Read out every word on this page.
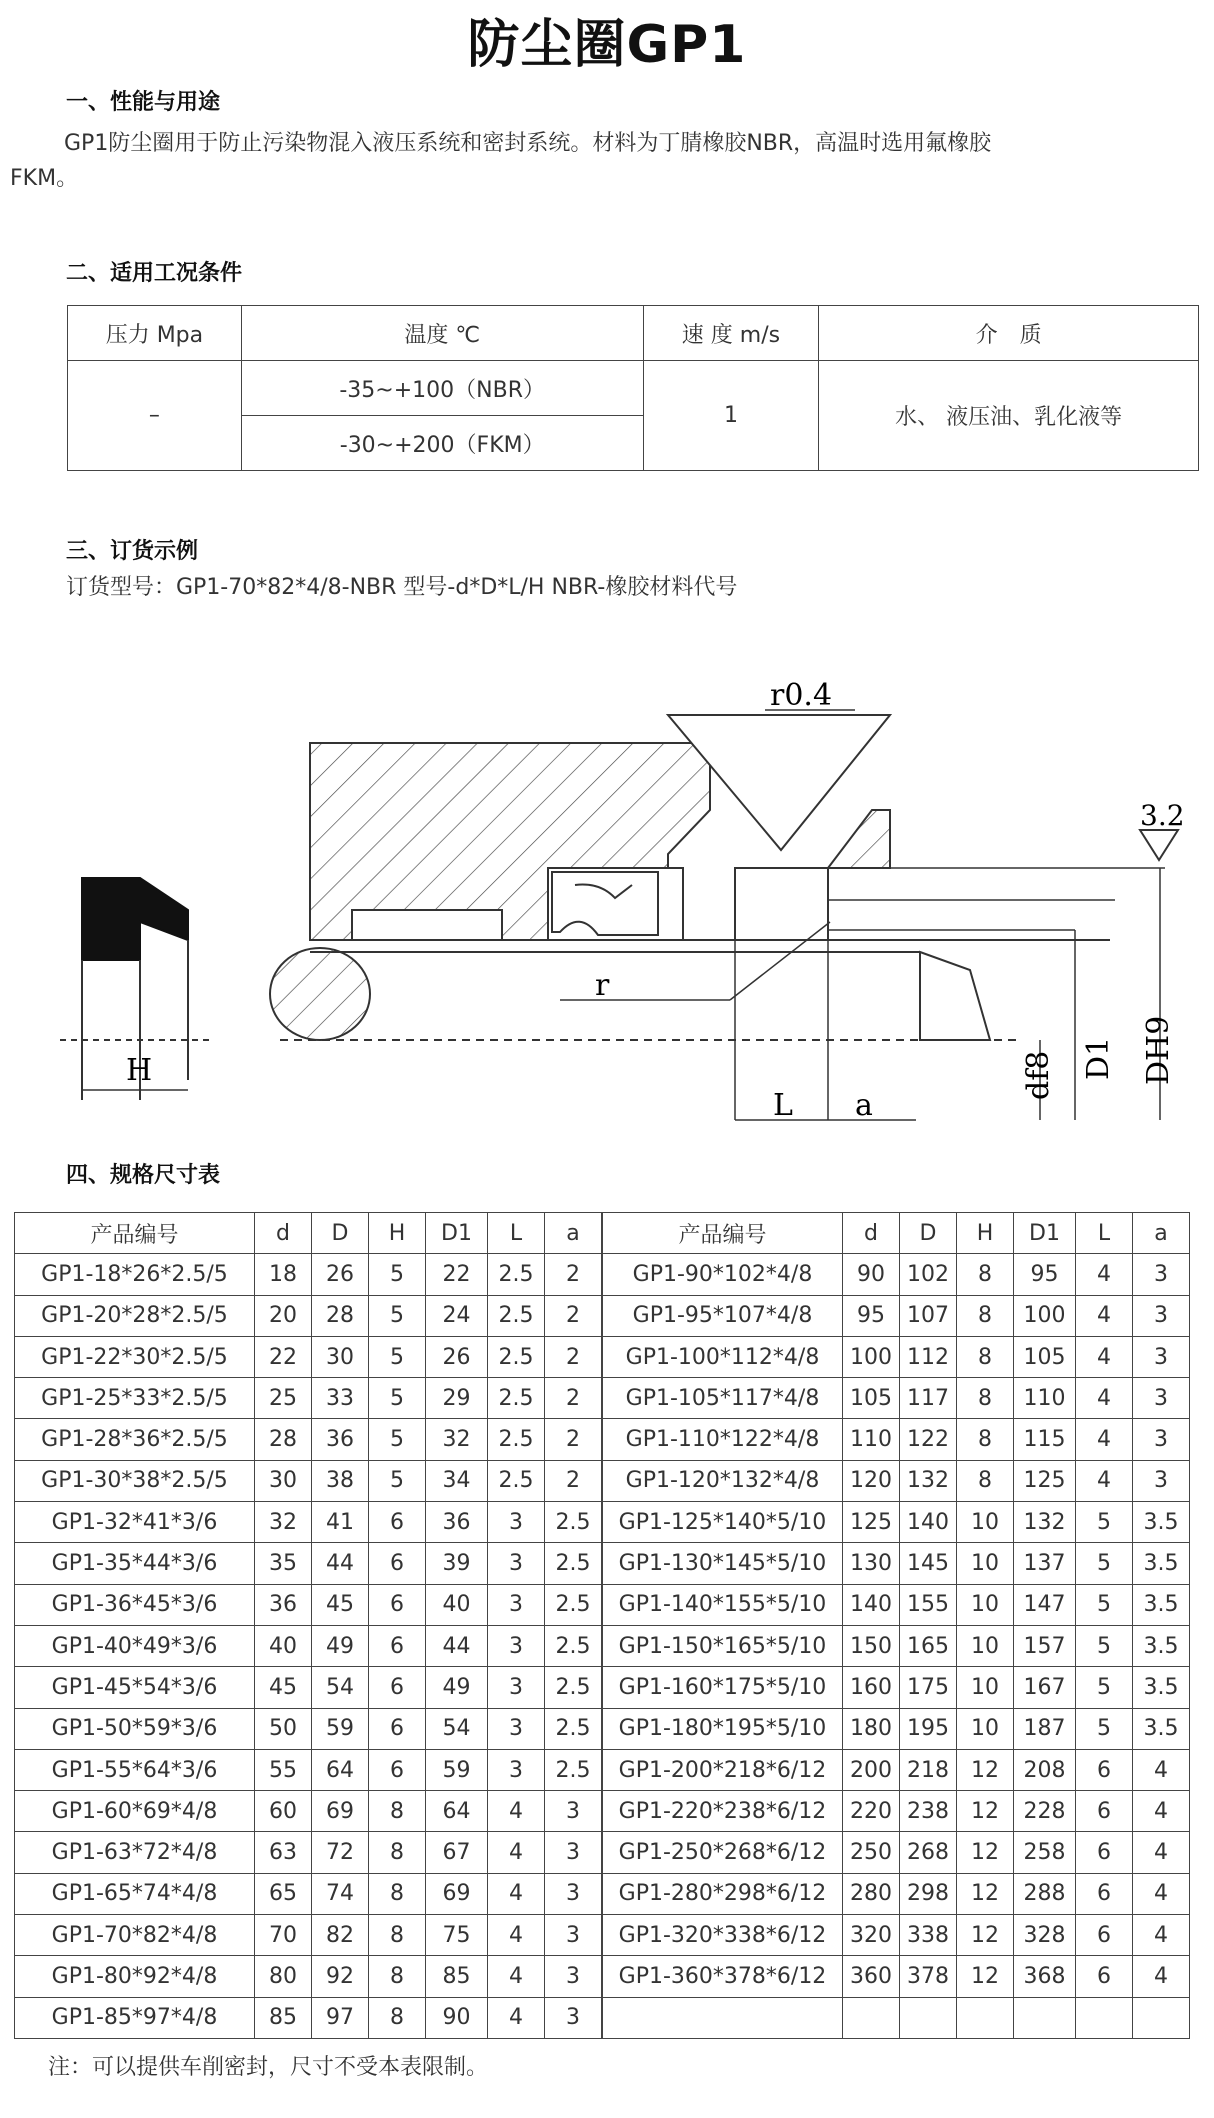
防尘圈GP1
一、性能与用途
GP1防尘圈用于防止污染物混入液压系统和密封系统。材料为丁腈橡胶NBR，高温时选用氟橡胶
FKM。
二、适用工况条件
压力 Mpa	温度 ℃	速 度 m/s	介　质
–	-35~+100（NBR）	1	水、 液压油、乳化液等
	-30~+200（FKM）		
三、订货示例
订货型号：GP1-70*82*4/8-NBR 型号-d*D*L/H NBR-橡胶材料代号
r0.4
3.2
r
H
L a
df8 D1 DH9
四、规格尺寸表
产品编号	d	D	H	D1	L	a
GP1-18*26*2.5/5	18	26	5	22	2.5	2
GP1-20*28*2.5/5	20	28	5	24	2.5	2
GP1-22*30*2.5/5	22	30	5	26	2.5	2
GP1-25*33*2.5/5	25	33	5	29	2.5	2
GP1-28*36*2.5/5	28	36	5	32	2.5	2
GP1-30*38*2.5/5	30	38	5	34	2.5	2
GP1-32*41*3/6	32	41	6	36	3	2.5
GP1-35*44*3/6	35	44	6	39	3	2.5
GP1-36*45*3/6	36	45	6	40	3	2.5
GP1-40*49*3/6	40	49	6	44	3	2.5
GP1-45*54*3/6	45	54	6	49	3	2.5
GP1-50*59*3/6	50	59	6	54	3	2.5
GP1-55*64*3/6	55	64	6	59	3	2.5
GP1-60*69*4/8	60	69	8	64	4	3
GP1-63*72*4/8	63	72	8	67	4	3
GP1-65*74*4/8	65	74	8	69	4	3
GP1-70*82*4/8	70	82	8	75	4	3
GP1-80*92*4/8	80	92	8	85	4	3
GP1-85*97*4/8	85	97	8	90	4	3
产品编号	d	D	H	D1	L	a
GP1-90*102*4/8	90	102	8	95	4	3
GP1-95*107*4/8	95	107	8	100	4	3
GP1-100*112*4/8	100	112	8	105	4	3
GP1-105*117*4/8	105	117	8	110	4	3
GP1-110*122*4/8	110	122	8	115	4	3
GP1-120*132*4/8	120	132	8	125	4	3
GP1-125*140*5/10	125	140	10	132	5	3.5
GP1-130*145*5/10	130	145	10	137	5	3.5
GP1-140*155*5/10	140	155	10	147	5	3.5
GP1-150*165*5/10	150	165	10	157	5	3.5
GP1-160*175*5/10	160	175	10	167	5	3.5
GP1-180*195*5/10	180	195	10	187	5	3.5
GP1-200*218*6/12	200	218	12	208	6	4
GP1-220*238*6/12	220	238	12	228	6	4
GP1-250*268*6/12	250	268	12	258	6	4
GP1-280*298*6/12	280	298	12	288	6	4
GP1-320*338*6/12	320	338	12	328	6	4
GP1-360*378*6/12	360	378	12	368	6	4

注：可以提供车削密封，尺寸不受本表限制。
